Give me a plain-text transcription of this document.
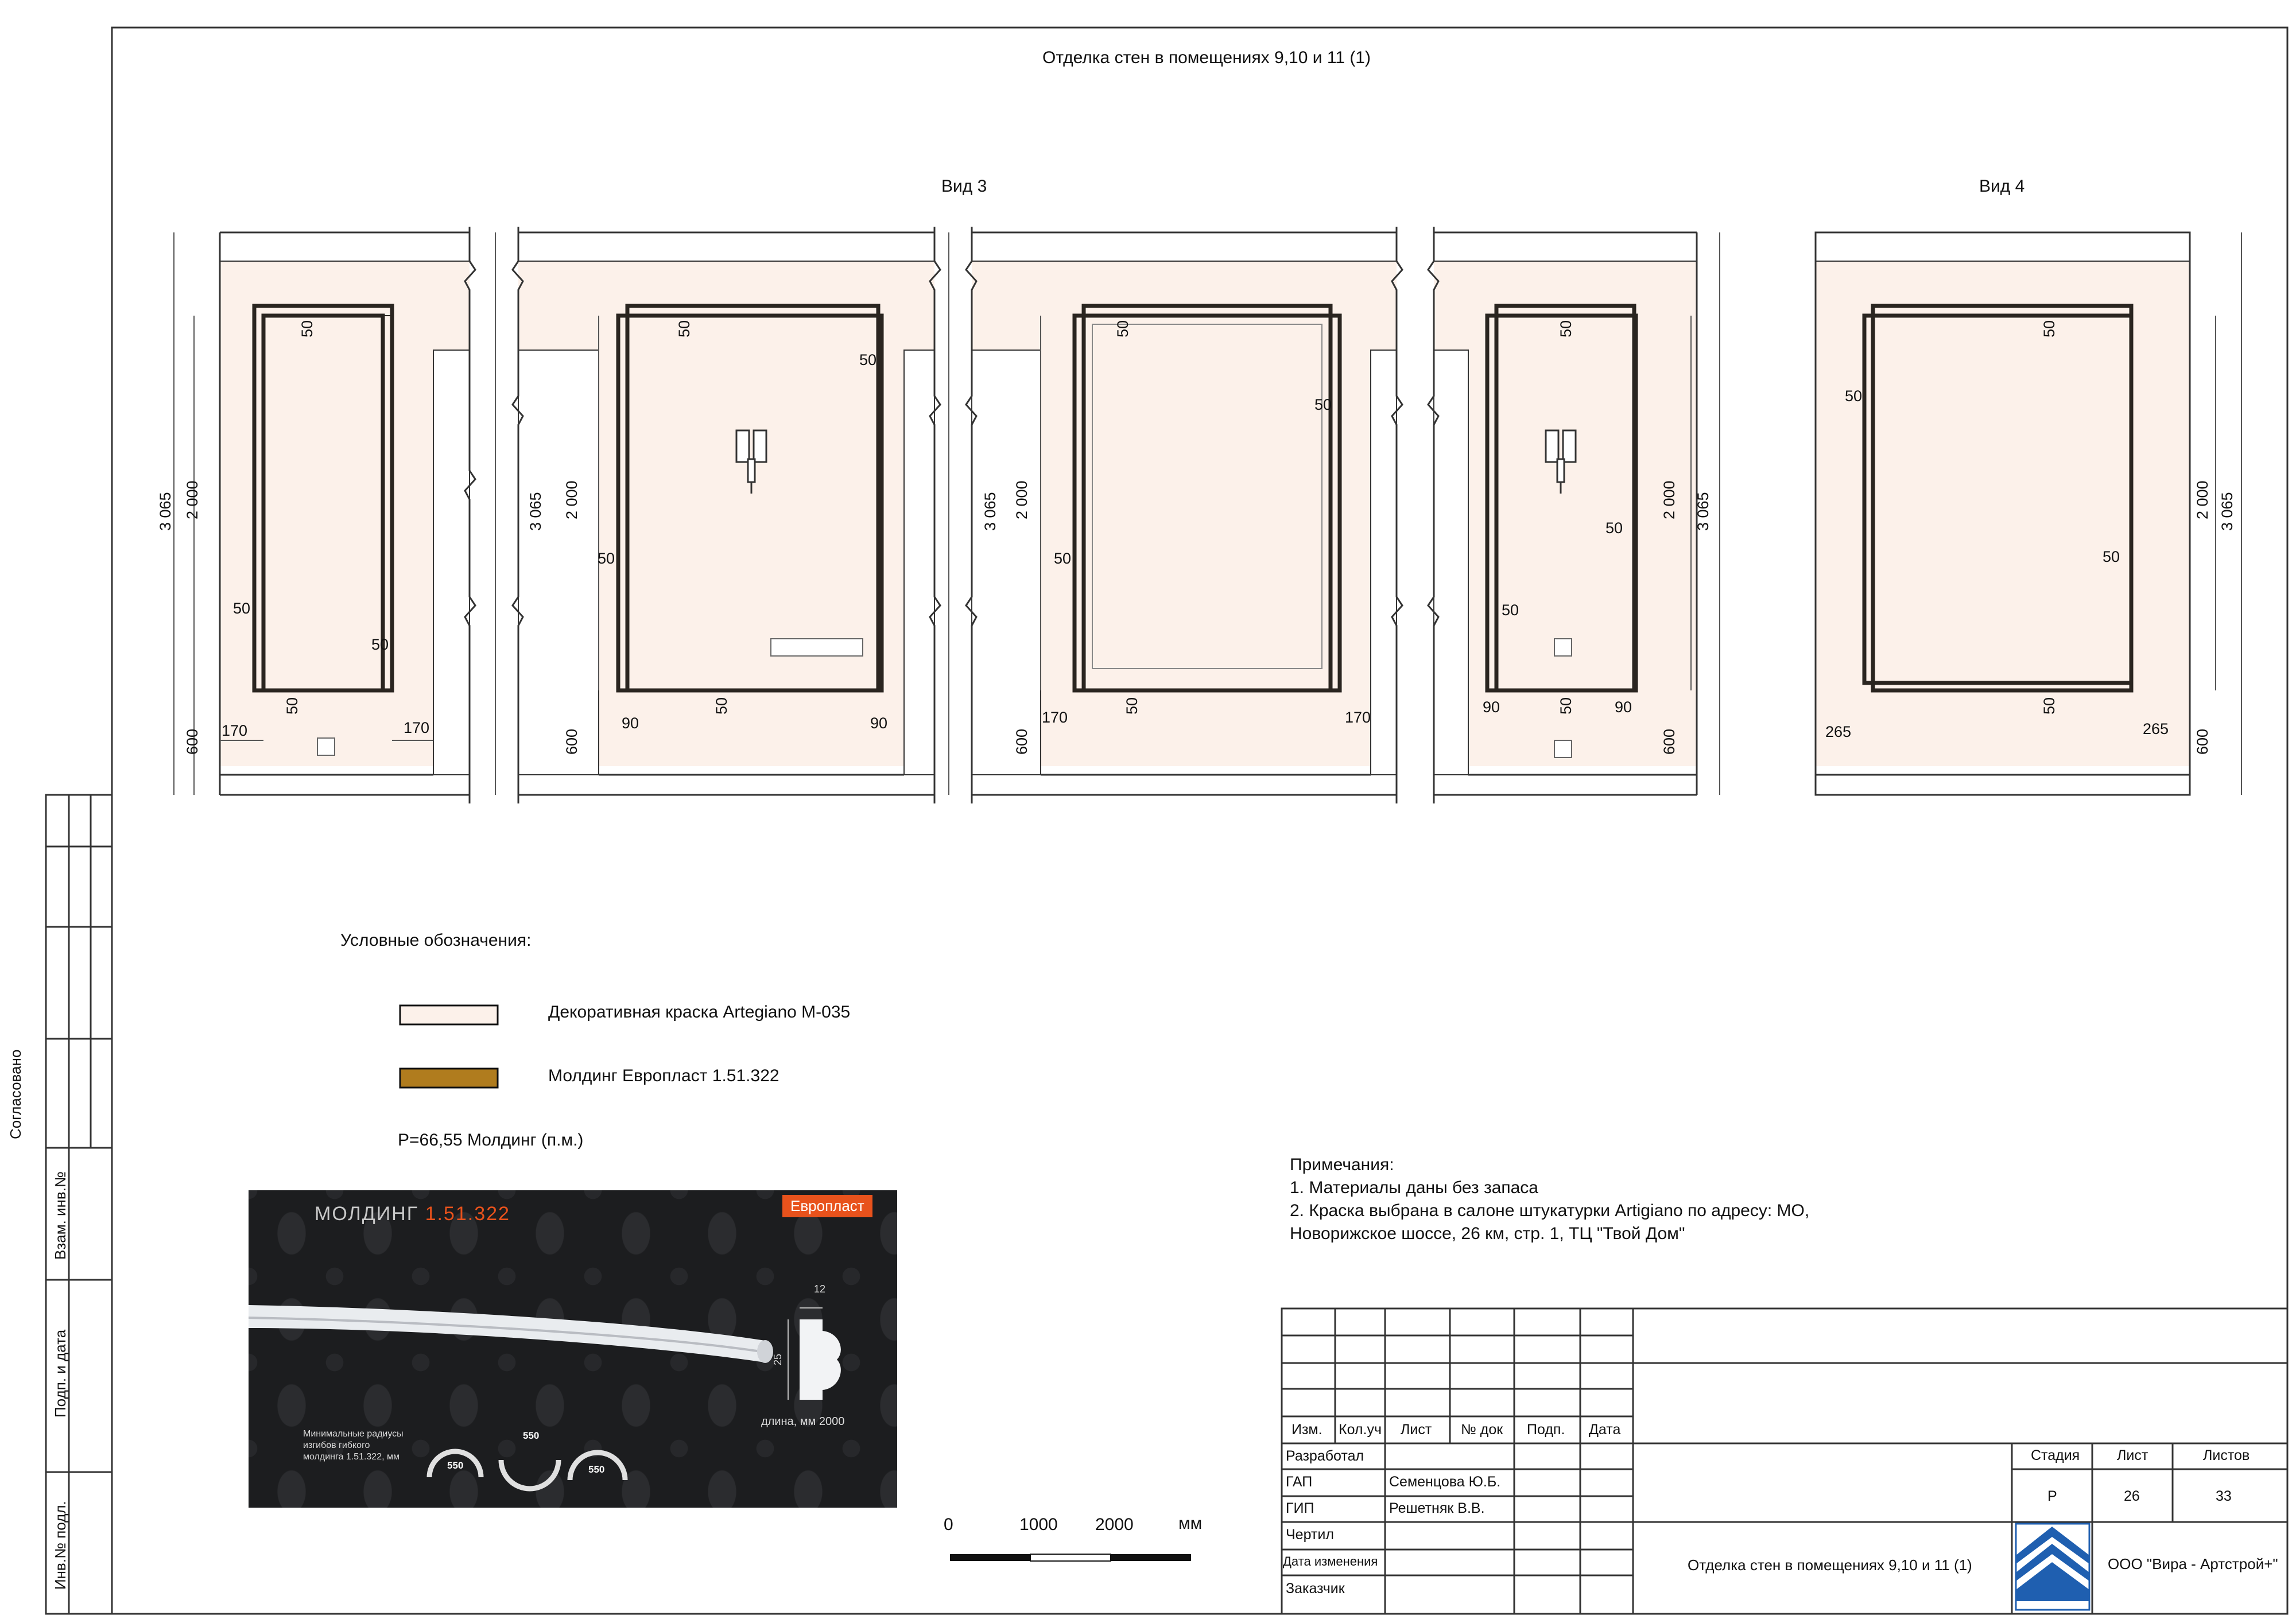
Отделка стен в помещениях 9,10 и 11 (1)
Вид 3	Вид 4
3 065 2 000
600
50
50
50
50
170	170
3 065 2 000
600
50
50
50
50
90	90
3 065 2 000
600
50
50
50
50
170	170
3 065
2 000
600
50
50
50
50
90	90
3 065
2 000
600
50
50
50
50
265	265
Условные обозначения:
Декоративная краска Artegiano M-035
Молдинг Европласт 1.51.322
P=66,55 Молдинг (п.м.)
Примечания:
1. Материалы даны без запаса
2. Краска выбрана в салоне штукатурки Artigiano по адресу: МО,
Новорижское шоссе, 26 км, стр. 1, ТЦ "Твой Дом"
МОЛДИНГ 1.51.322	Европласт
12
25
длина, мм 2000
Минимальные радиусы
изгибов гибкого
молдинга 1.51.322, мм
550
550
550
0	1000 2000	мм
Согласовано
Взам. инв.№
Подп. и дата
Инв.№ подл.
Изм. Кол.уч Лист № док Подп. Дата
Разработал
ГАП	Семенцова Ю.Б.
ГИП	Решетняк В.В.
Чертил
Дата изменения
Заказчик
Стадия	Лист	Листов
Р	26	33
Отделка стен в помещениях 9,10 и 11 (1)	ООО "Вира - Артстрой+"
